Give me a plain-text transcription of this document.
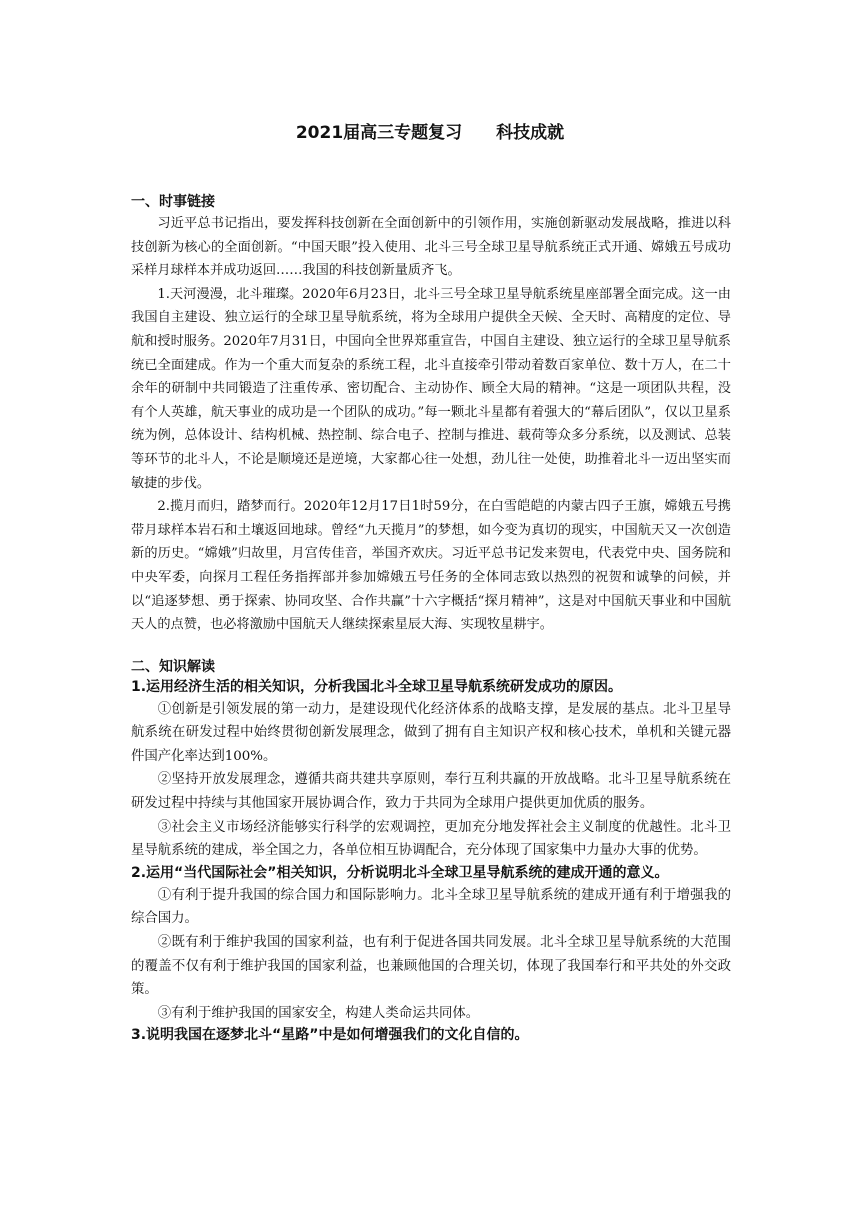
2021届高三专题复习　　科技成就
一、时事链接

习近平总书记指出，要发挥科技创新在全面创新中的引领作用，实施创新驱动发展战略，推进以科技创新为核心的全面创新。“中国天眼”投入使用、北斗三号全球卫星导航系统正式开通、嫦娥五号成功采样月球样本并成功返回……我国的科技创新量质齐飞。

1.天河漫漫，北斗璀璨。2020年6月23日，北斗三号全球卫星导航系统星座部署全面完成。这一由我国自主建设、独立运行的全球卫星导航系统，将为全球用户提供全天候、全天时、高精度的定位、导航和授时服务。2020年7月31日，中国向全世界郑重宣告，中国自主建设、独立运行的全球卫星导航系统已全面建成。作为一个重大而复杂的系统工程，北斗直接牵引带动着数百家单位、数十万人，在二十余年的研制中共同锻造了注重传承、密切配合、主动协作、顾全大局的精神。“这是一项团队共程，没有个人英雄，航天事业的成功是一个团队的成功。”每一颗北斗星都有着强大的“幕后团队”，仅以卫星系统为例，总体设计、结构机械、热控制、综合电子、控制与推进、载荷等众多分系统，以及测试、总装等环节的北斗人，不论是顺境还是逆境，大家都心往一处想，劲儿往一处使，助推着北斗一迈出坚实而敏捷的步伐。

2.揽月而归，踏梦而行。2020年12月17日1时59分，在白雪皑皑的内蒙古四子王旗，嫦娥五号携带月球样本岩石和土壤返回地球。曾经“九天揽月”的梦想，如今变为真切的现实，中国航天又一次创造新的历史。“嫦娥”归故里，月宫传佳音，举国齐欢庆。习近平总书记发来贺电，代表党中央、国务院和中央军委，向探月工程任务指挥部并参加嫦娥五号任务的全体同志致以热烈的祝贺和诚挚的问候，并以“追逐梦想、勇于探索、协同攻坚、合作共赢”十六字概括“探月精神”，这是对中国航天事业和中国航天人的点赞，也必将激励中国航天人继续探索星辰大海、实现牧星耕宇。

二、知识解读
1.运用经济生活的相关知识，分析我国北斗全球卫星导航系统研发成功的原因。

①创新是引领发展的第一动力，是建设现代化经济体系的战略支撑，是发展的基点。北斗卫星导航系统在研发过程中始终贯彻创新发展理念，做到了拥有自主知识产权和核心技术，单机和关键元器件国产化率达到100%。

②坚持开放发展理念，遵循共商共建共享原则，奉行互利共赢的开放战略。北斗卫星导航系统在研发过程中持续与其他国家开展协调合作，致力于共同为全球用户提供更加优质的服务。

③社会主义市场经济能够实行科学的宏观调控，更加充分地发挥社会主义制度的优越性。北斗卫星导航系统的建成，举全国之力，各单位相互协调配合，充分体现了国家集中力量办大事的优势。

2.运用“当代国际社会”相关知识，分析说明北斗全球卫星导航系统的建成开通的意义。

①有利于提升我国的综合国力和国际影响力。北斗全球卫星导航系统的建成开通有利于增强我的综合国力。

②既有利于维护我国的国家利益，也有利于促进各国共同发展。北斗全球卫星导航系统的大范围的覆盖不仅有利于维护我国的国家利益，也兼顾他国的合理关切，体现了我国奉行和平共处的外交政策。

③有利于维护我国的国家安全，构建人类命运共同体。

3.说明我国在逐梦北斗“星路”中是如何增强我们的文化自信的。
